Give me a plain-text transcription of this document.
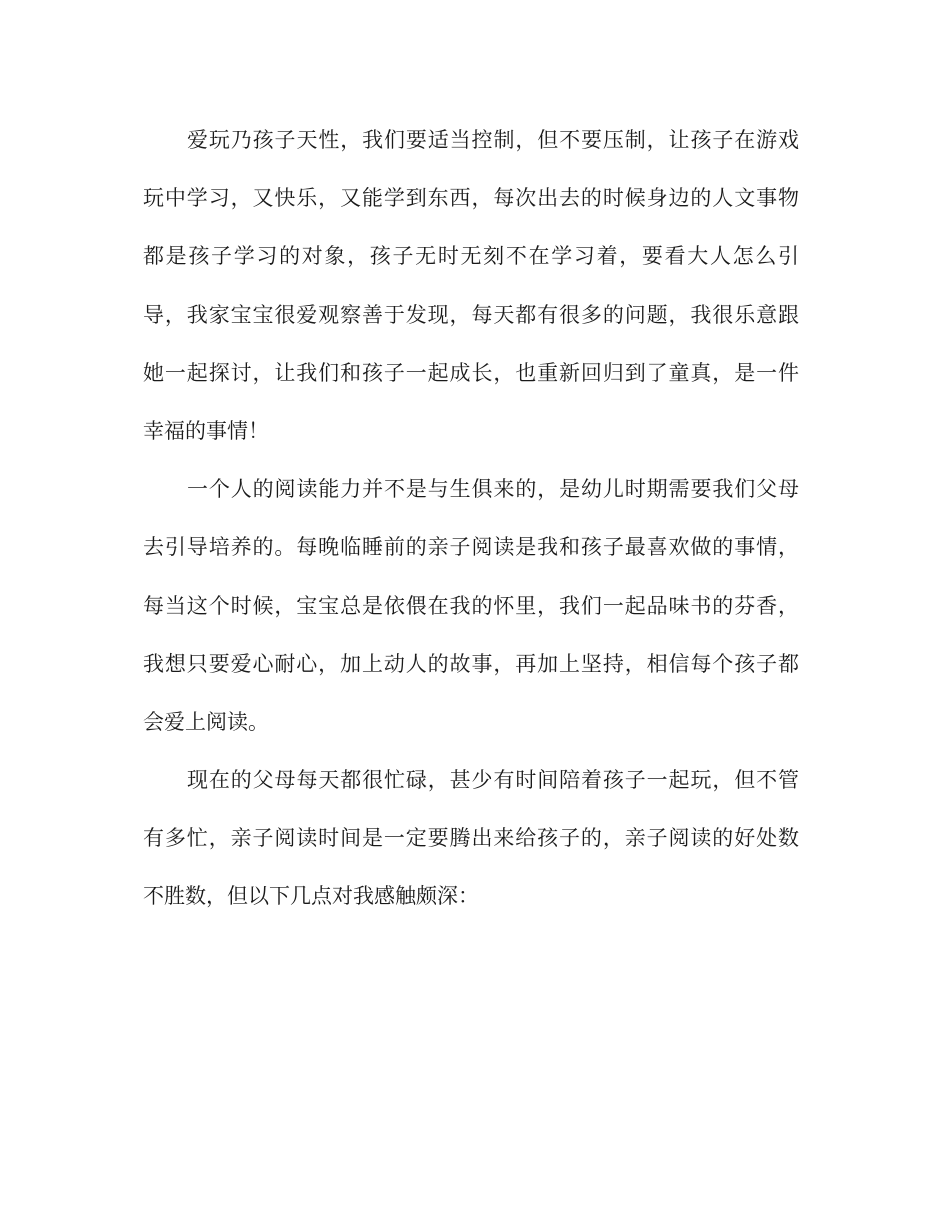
爱玩乃孩子天性，我们要适当控制，但不要压制，让孩子在游戏
玩中学习，又快乐，又能学到东西，每次出去的时候身边的人文事物
都是孩子学习的对象，孩子无时无刻不在学习着，要看大人怎么引
导，我家宝宝很爱观察善于发现，每天都有很多的问题，我很乐意跟
她一起探讨，让我们和孩子一起成长，也重新回归到了童真，是一件
幸福的事情！
一个人的阅读能力并不是与生俱来的，是幼儿时期需要我们父母
去引导培养的。每晚临睡前的亲子阅读是我和孩子最喜欢做的事情，
每当这个时候，宝宝总是依偎在我的怀里，我们一起品味书的芬香，
我想只要爱心耐心，加上动人的故事，再加上坚持，相信每个孩子都
会爱上阅读。
现在的父母每天都很忙碌，甚少有时间陪着孩子一起玩，但不管
有多忙，亲子阅读时间是一定要腾出来给孩子的，亲子阅读的好处数
不胜数，但以下几点对我感触颇深：
